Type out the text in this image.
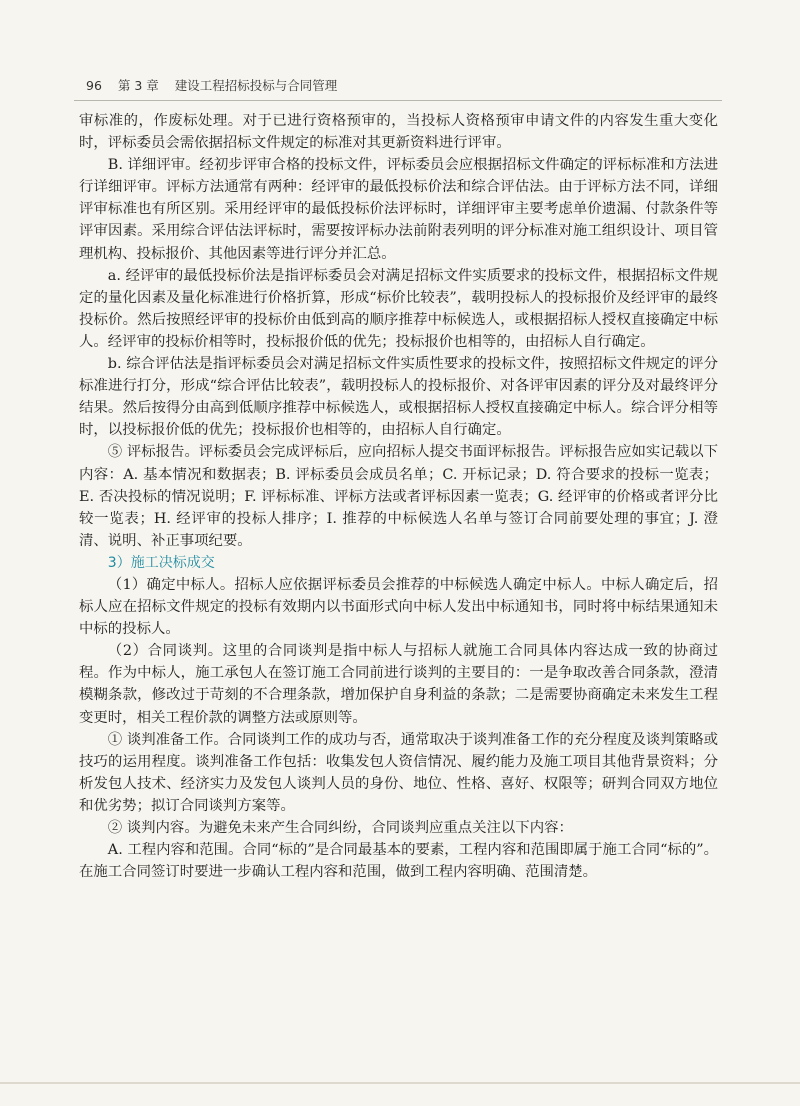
96 第 3 章 建设工程招标投标与合同管理

审标准的，作废标处理。对于已进行资格预审的，当投标人资格预审申请文件的内容发生重大变化时，评标委员会需依据招标文件规定的标准对其更新资料进行评审。

B. 详细评审。经初步评审合格的投标文件，评标委员会应根据招标文件确定的评标标准和方法进行详细评审。评标方法通常有两种：经评审的最低投标价法和综合评估法。由于评标方法不同，详细评审标准也有所区别。采用经评审的最低投标价法评标时，详细评审主要考虑单价遗漏、付款条件等评审因素。采用综合评估法评标时，需要按评标办法前附表列明的评分标准对施工组织设计、项目管理机构、投标报价、其他因素等进行评分并汇总。

a. 经评审的最低投标价法是指评标委员会对满足招标文件实质要求的投标文件，根据招标文件规定的量化因素及量化标准进行价格折算，形成“标价比较表”，载明投标人的投标报价及经评审的最终投标价。然后按照经评审的投标价由低到高的顺序推荐中标候选人，或根据招标人授权直接确定中标人。经评审的投标价相等时，投标报价低的优先；投标报价也相等的，由招标人自行确定。

b. 综合评估法是指评标委员会对满足招标文件实质性要求的投标文件，按照招标文件规定的评分标准进行打分，形成“综合评估比较表”，载明投标人的投标报价、对各评审因素的评分及对最终评分结果。然后按得分由高到低顺序推荐中标候选人，或根据招标人授权直接确定中标人。综合评分相等时，以投标报价低的优先；投标报价也相等的，由招标人自行确定。

⑤ 评标报告。评标委员会完成评标后，应向招标人提交书面评标报告。评标报告应如实记载以下内容：A. 基本情况和数据表；B. 评标委员会成员名单；C. 开标记录；D. 符合要求的投标一览表；E. 否决投标的情况说明；F. 评标标准、评标方法或者评标因素一览表；G. 经评审的价格或者评分比较一览表；H. 经评审的投标人排序；I. 推荐的中标候选人名单与签订合同前要处理的事宜；J. 澄清、说明、补正事项纪要。

3）施工决标成交

（1）确定中标人。招标人应依据评标委员会推荐的中标候选人确定中标人。中标人确定后，招标人应在招标文件规定的投标有效期内以书面形式向中标人发出中标通知书，同时将中标结果通知未中标的投标人。

（2）合同谈判。这里的合同谈判是指中标人与招标人就施工合同具体内容达成一致的协商过程。作为中标人，施工承包人在签订施工合同前进行谈判的主要目的：一是争取改善合同条款，澄清模糊条款，修改过于苛刻的不合理条款，增加保护自身利益的条款；二是需要协商确定未来发生工程变更时，相关工程价款的调整方法或原则等。

① 谈判准备工作。合同谈判工作的成功与否，通常取决于谈判准备工作的充分程度及谈判策略或技巧的运用程度。谈判准备工作包括：收集发包人资信情况、履约能力及施工项目其他背景资料；分析发包人技术、经济实力及发包人谈判人员的身份、地位、性格、喜好、权限等；研判合同双方地位和优劣势；拟订合同谈判方案等。

② 谈判内容。为避免未来产生合同纠纷，合同谈判应重点关注以下内容：

A. 工程内容和范围。合同“标的”是合同最基本的要素，工程内容和范围即属于施工合同“标的”。在施工合同签订时要进一步确认工程内容和范围，做到工程内容明确、范围清楚。
